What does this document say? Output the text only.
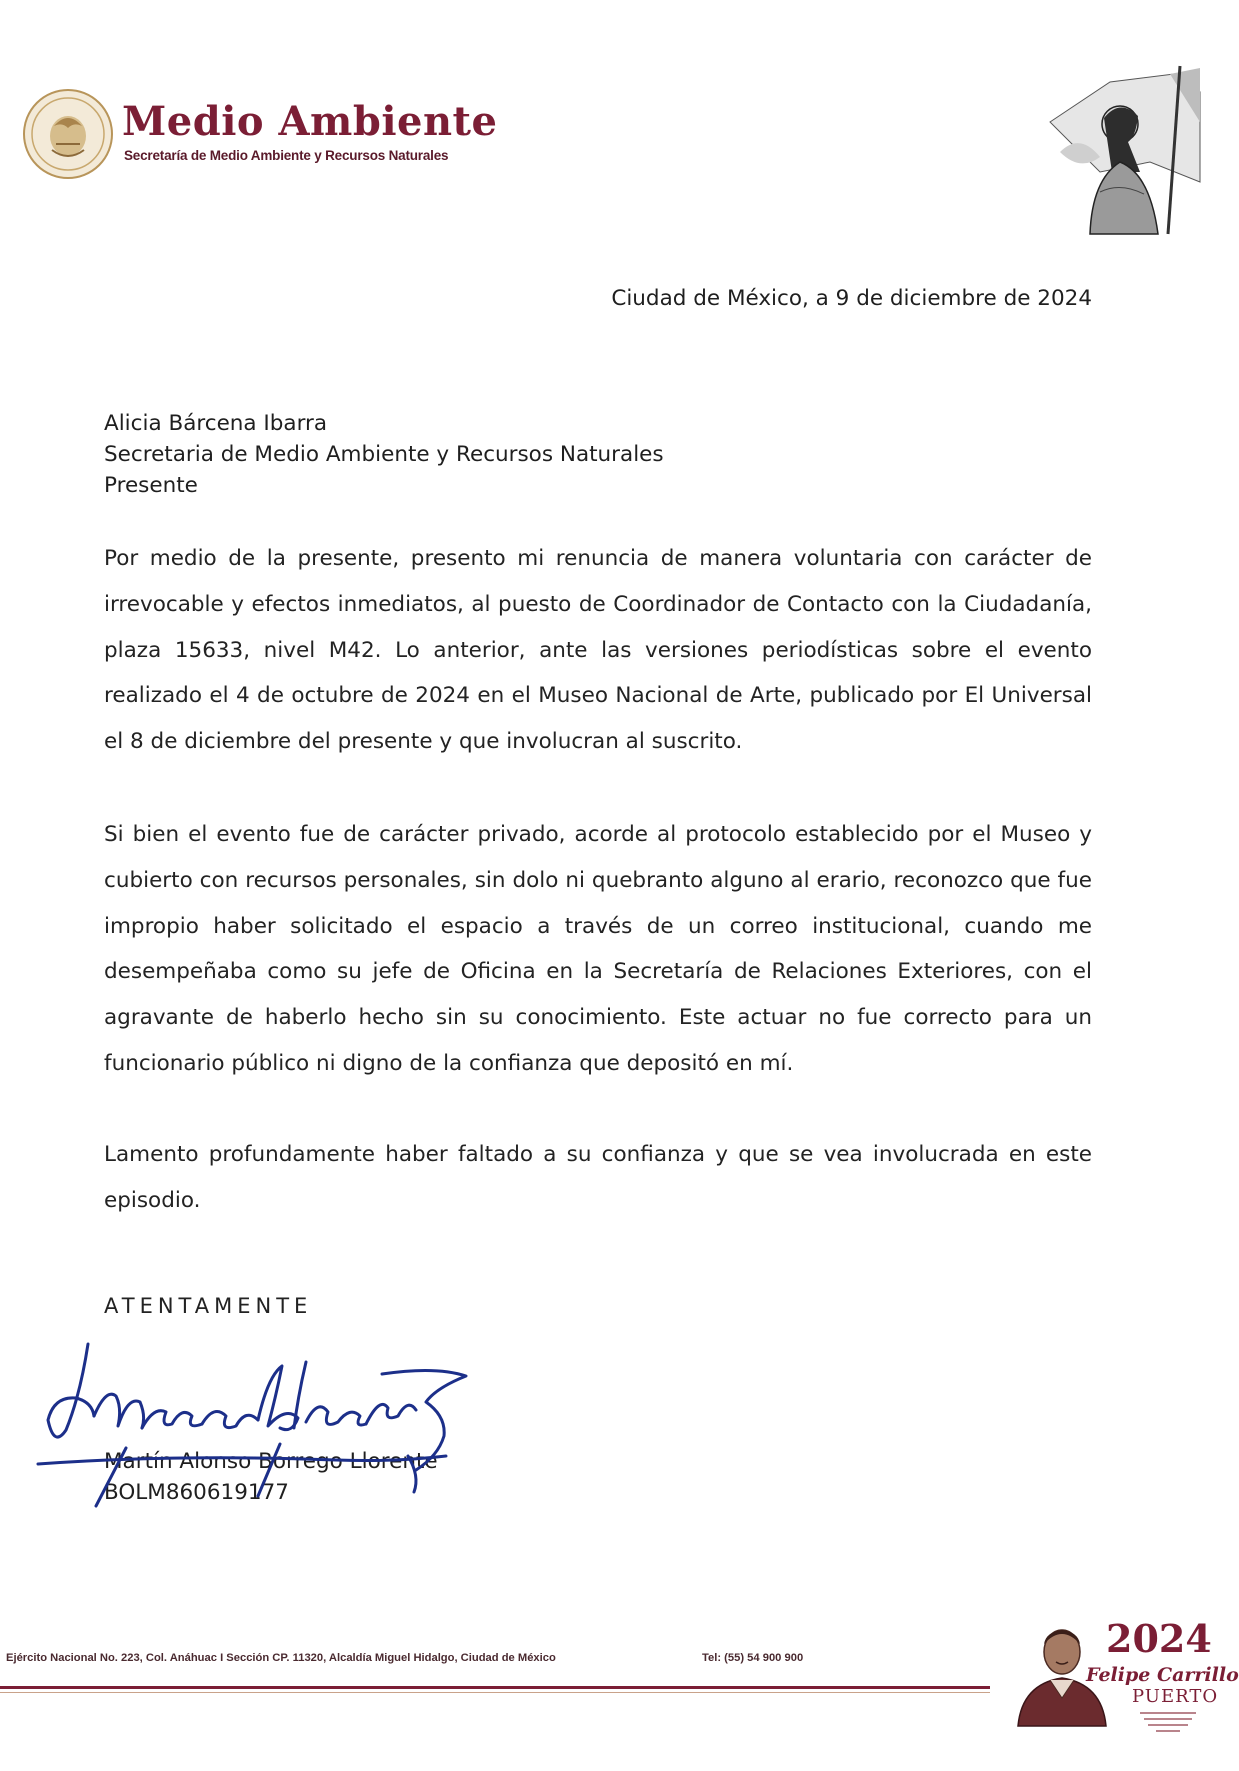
Medio Ambiente
Secretaría de Medio Ambiente y Recursos Naturales
Ciudad de México, a 9 de diciembre de 2024
Alicia Bárcena Ibarra
Secretaria de Medio Ambiente y Recursos Naturales
Presente
Por medio de la presente, presento mi renuncia de manera voluntaria con carácter de irrevocable y efectos inmediatos, al puesto de Coordinador de Contacto con la Ciudadanía, plaza 15633, nivel M42. Lo anterior, ante las versiones periodísticas sobre el evento realizado el 4 de octubre de 2024 en el Museo Nacional de Arte, publicado por El Universal el 8 de diciembre del presente y que involucran al suscrito.
Si bien el evento fue de carácter privado, acorde al protocolo establecido por el Museo y cubierto con recursos personales, sin dolo ni quebranto alguno al erario, reconozco que fue impropio haber solicitado el espacio a través de un correo institucional, cuando me desempeñaba como su jefe de Oficina en la Secretaría de Relaciones Exteriores, con el agravante de haberlo hecho sin su conocimiento. Este actuar no fue correcto para un funcionario público ni digno de la confianza que depositó en mí.
Lamento profundamente haber faltado a su confianza y que se vea involucrada en este episodio.
ATENTAMENTE
Martín Alonso Borrego Llorente
BOLM860619177
Ejército Nacional No. 223, Col. Anáhuac I Sección CP. 11320, Alcaldía Miguel Hidalgo, Ciudad de México	Tel: (55) 54 900 900	2024
Felipe Carrillo
PUERTO
